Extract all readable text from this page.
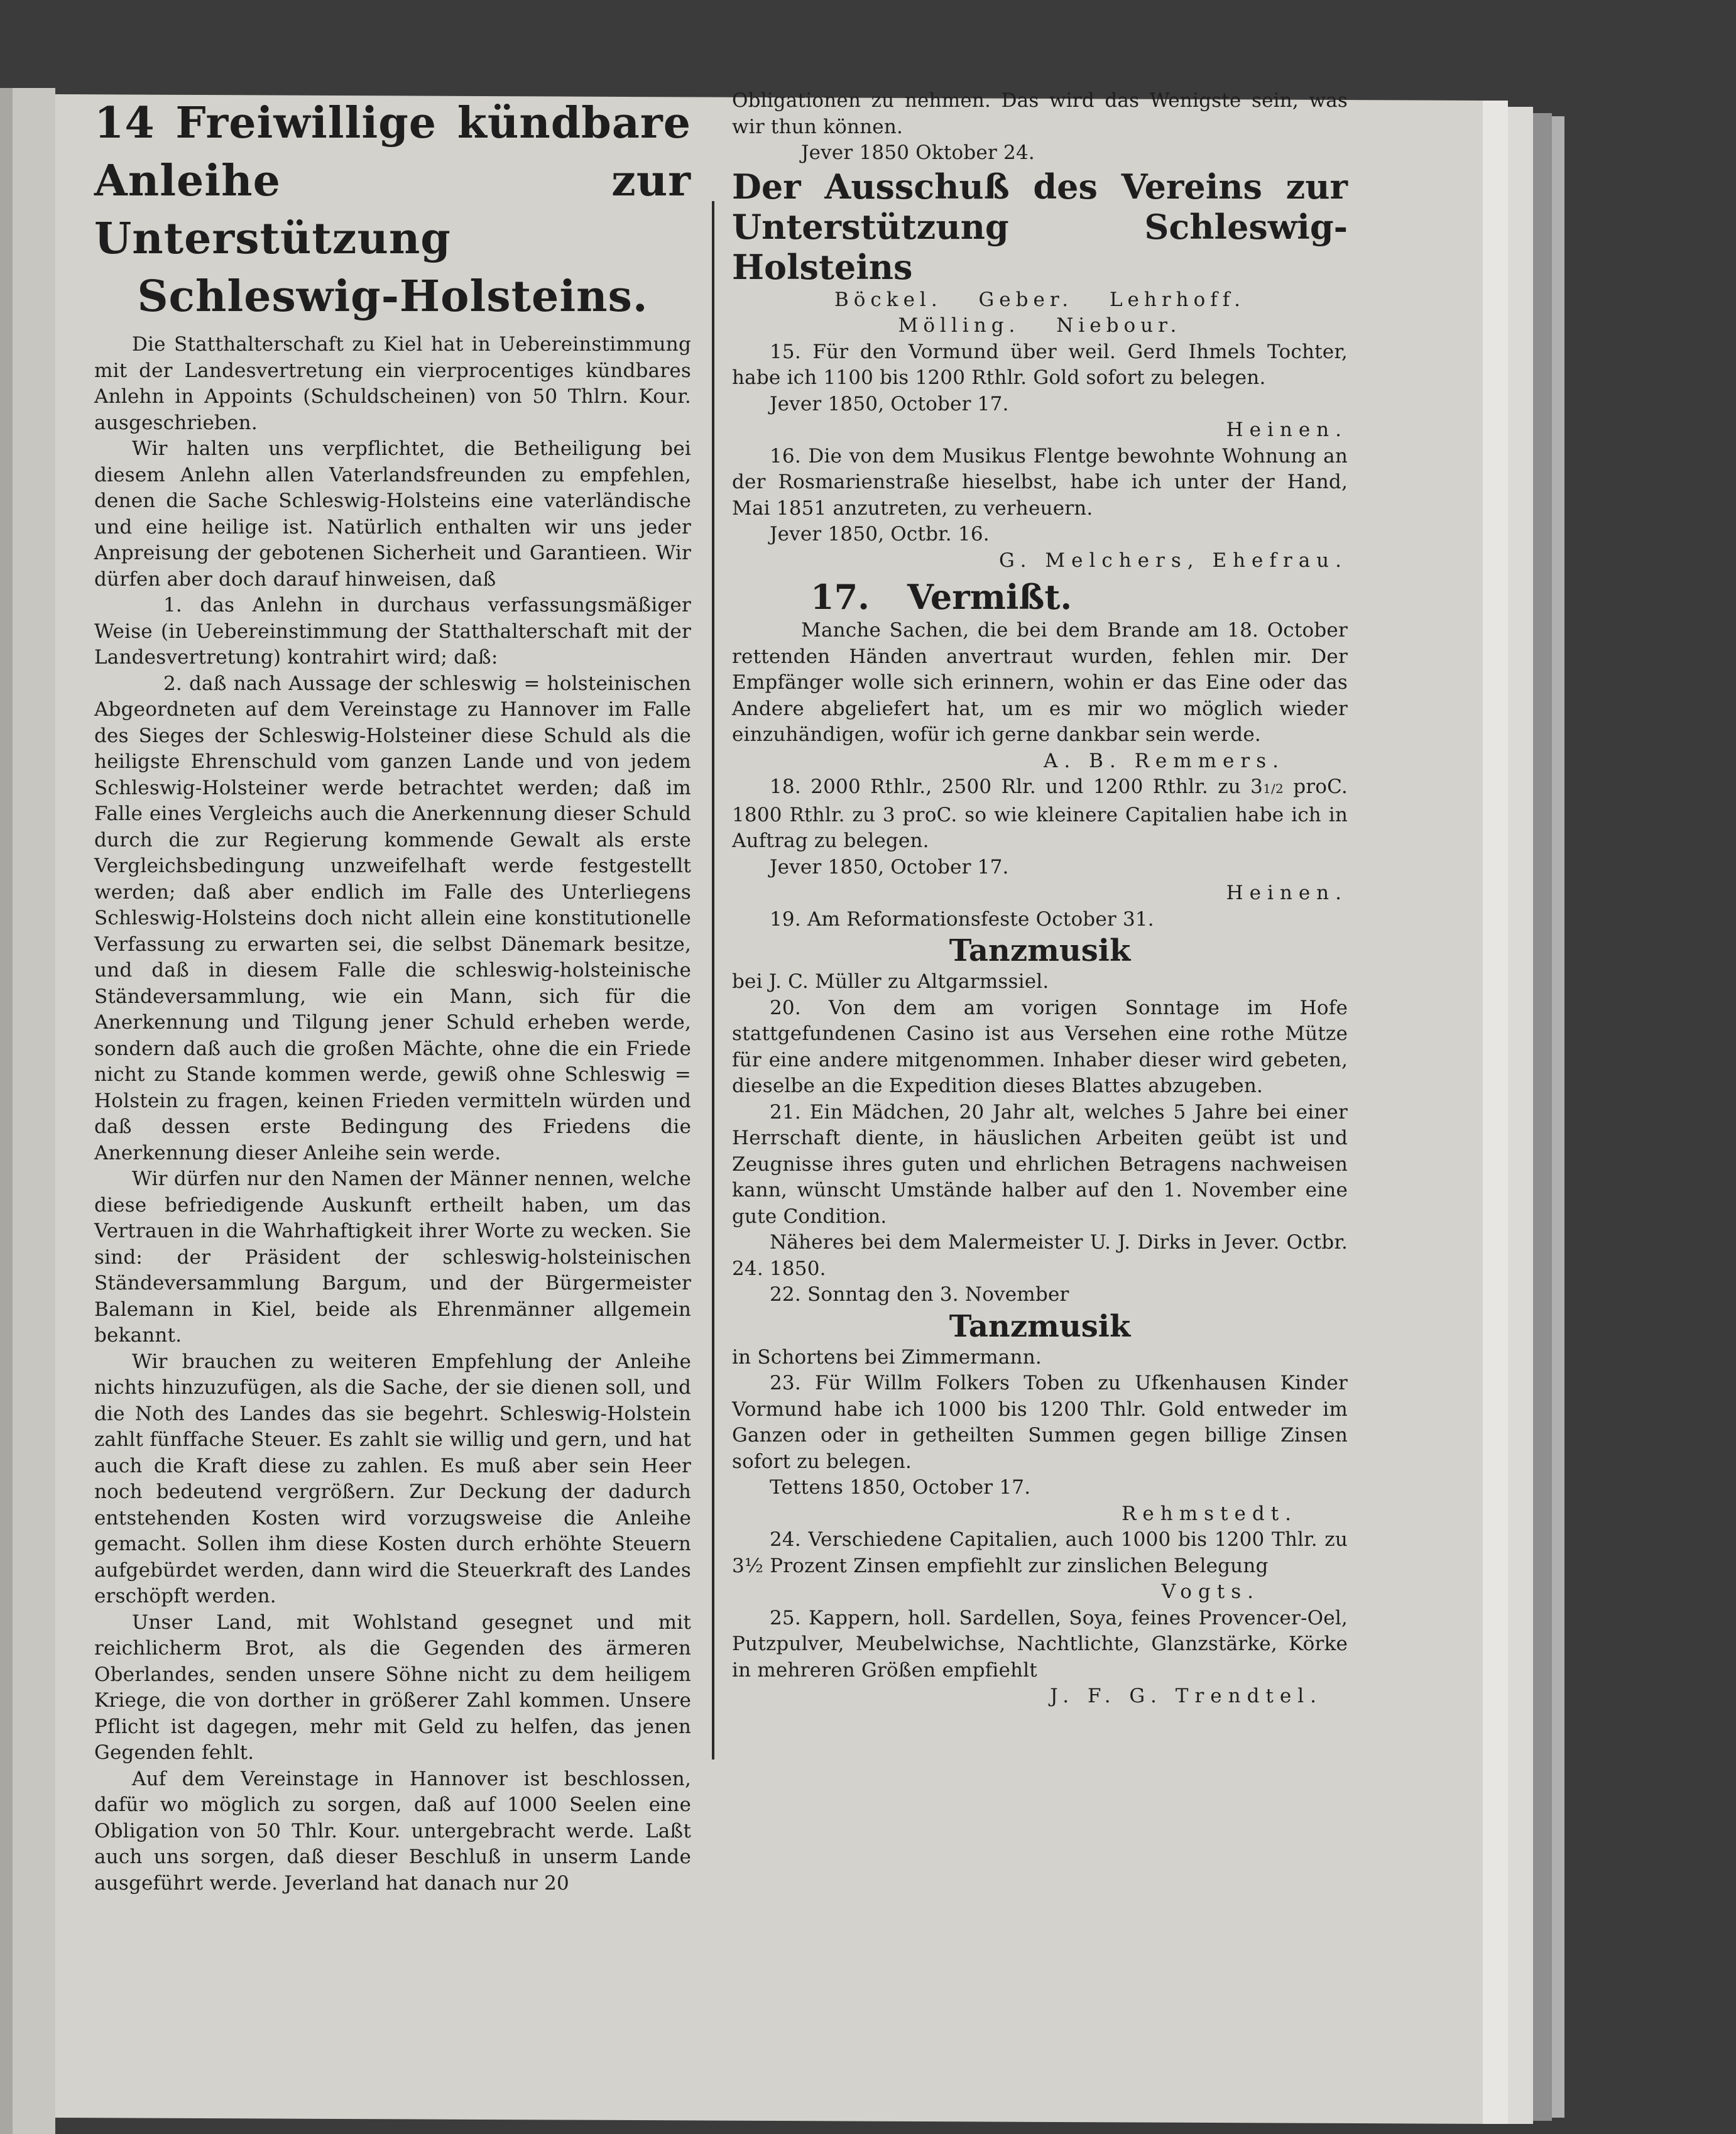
14 Freiwillige kündbare

Anleihe zur Unterstützung

Schleswig-Holsteins.

Die Statthalterschaft zu Kiel hat in Uebereinstimmung mit der Landesvertretung ein vierprocentiges kündbares Anlehn in Appoints (Schuldscheinen) von 50 Thlrn. Kour. ausgeschrieben.

Wir halten uns verpflichtet, die Betheiligung bei diesem Anlehn allen Vaterlandsfreunden zu empfehlen, denen die Sache Schleswig-Holsteins eine vaterländische und eine heilige ist. Natürlich enthalten wir uns jeder Anpreisung der gebotenen Sicherheit und Garantieen. Wir dürfen aber doch darauf hinweisen, daß

1. das Anlehn in durchaus verfassungsmäßiger Weise (in Uebereinstimmung der Statthalterschaft mit der Landesvertretung) kontrahirt wird; daß:

2. daß nach Aussage der schleswig = holsteinischen Abgeordneten auf dem Vereinstage zu Hannover im Falle des Sieges der Schleswig-Holsteiner diese Schuld als die heiligste Ehrenschuld vom ganzen Lande und von jedem Schleswig-Holsteiner werde betrachtet werden; daß im Falle eines Vergleichs auch die Anerkennung dieser Schuld durch die zur Regierung kommende Gewalt als erste Vergleichsbedingung unzweifelhaft werde festgestellt werden; daß aber endlich im Falle des Unterliegens Schleswig-Holsteins doch nicht allein eine konstitutionelle Verfassung zu erwarten sei, die selbst Dänemark besitze, und daß in diesem Falle die schleswig-holsteinische Ständeversammlung, wie ein Mann, sich für die Anerkennung und Tilgung jener Schuld erheben werde, sondern daß auch die großen Mächte, ohne die ein Friede nicht zu Stande kommen werde, gewiß ohne Schleswig = Holstein zu fragen, keinen Frieden vermitteln würden und daß dessen erste Bedingung des Friedens die Anerkennung dieser Anleihe sein werde.

Wir dürfen nur den Namen der Männer nennen, welche diese befriedigende Auskunft ertheilt haben, um das Vertrauen in die Wahrhaftigkeit ihrer Worte zu wecken. Sie sind: der Präsident der schleswig-holsteinischen Ständeversammlung Bargum, und der Bürgermeister Balemann in Kiel, beide als Ehrenmänner allgemein bekannt.

Wir brauchen zu weiteren Empfehlung der Anleihe nichts hinzuzufügen, als die Sache, der sie dienen soll, und die Noth des Landes das sie begehrt. Schleswig-Holstein zahlt fünffache Steuer. Es zahlt sie willig und gern, und hat auch die Kraft diese zu zahlen. Es muß aber sein Heer noch bedeutend vergrößern. Zur Deckung der dadurch entstehenden Kosten wird vorzugsweise die Anleihe gemacht. Sollen ihm diese Kosten durch erhöhte Steuern aufgebürdet werden, dann wird die Steuerkraft des Landes erschöpft werden.

Unser Land, mit Wohlstand gesegnet und mit reichlicherm Brot, als die Gegenden des ärmeren Oberlandes, senden unsere Söhne nicht zu dem heiligem Kriege, die von dorther in größerer Zahl kommen. Unsere Pflicht ist dagegen, mehr mit Geld zu helfen, das jenen Gegenden fehlt.

Auf dem Vereinstage in Hannover ist beschlossen, dafür wo möglich zu sorgen, daß auf 1000 Seelen eine Obligation von 50 Thlr. Kour. untergebracht werde. Laßt auch uns sorgen, daß dieser Beschluß in unserm Lande ausgeführt werde. Jeverland hat danach nur 20

Obligationen zu nehmen. Das wird das Wenigste sein, was wir thun können.

Jever 1850 Oktober 24.

Der Ausschuß des Vereins zur

Unterstützung Schleswig-Holsteins

Böckel. Geber. Lehrhoff.

Mölling. Niebour.

15. Für den Vormund über weil. Gerd Ihmels Tochter, habe ich 1100 bis 1200 Rthlr. Gold sofort zu belegen.

Jever 1850, October 17.

Heinen.

16. Die von dem Musikus Flentge bewohnte Wohnung an der Rosmarienstraße hieselbst, habe ich unter der Hand, Mai 1851 anzutreten, zu verheuern.

Jever 1850, Octbr. 16.

G. Melchers, Ehefrau.

17. Vermißt.

Manche Sachen, die bei dem Brande am 18. October rettenden Händen anvertraut wurden, fehlen mir. Der Empfänger wolle sich erinnern, wohin er das Eine oder das Andere abgeliefert hat, um es mir wo möglich wieder einzuhändigen, wofür ich gerne dankbar sein werde.

A. B. Remmers.

18. 2000 Rthlr., 2500 Rlr. und 1200 Rthlr. zu 31/2 proC. 1800 Rthlr. zu 3 proC. so wie kleinere Capitalien habe ich in Auftrag zu belegen.

Jever 1850, October 17.

Heinen.

19. Am Reformationsfeste October 31.

Tanzmusik

bei J. C. Müller zu Altgarmssiel.

20. Von dem am vorigen Sonntage im Hofe stattgefundenen Casino ist aus Versehen eine rothe Mütze für eine andere mitgenommen. Inhaber dieser wird gebeten, dieselbe an die Expedition dieses Blattes abzugeben.

21. Ein Mädchen, 20 Jahr alt, welches 5 Jahre bei einer Herrschaft diente, in häuslichen Arbeiten geübt ist und Zeugnisse ihres guten und ehrlichen Betragens nachweisen kann, wünscht Umstände halber auf den 1. November eine gute Condition.

Näheres bei dem Malermeister U. J. Dirks in Jever. Octbr. 24. 1850.

22. Sonntag den 3. November

Tanzmusik

in Schortens bei Zimmermann.

23. Für Willm Folkers Toben zu Ufkenhausen Kinder Vormund habe ich 1000 bis 1200 Thlr. Gold entweder im Ganzen oder in getheilten Summen gegen billige Zinsen sofort zu belegen.

Tettens 1850, October 17.

Rehmstedt.

24. Verschiedene Capitalien, auch 1000 bis 1200 Thlr. zu 3½ Prozent Zinsen empfiehlt zur zinslichen Belegung

Vogts.

25. Kappern, holl. Sardellen, Soya, feines Provencer-Oel, Putzpulver, Meubelwichse, Nachtlichte, Glanzstärke, Körke in mehreren Größen empfiehlt

J. F. G. Trendtel.
